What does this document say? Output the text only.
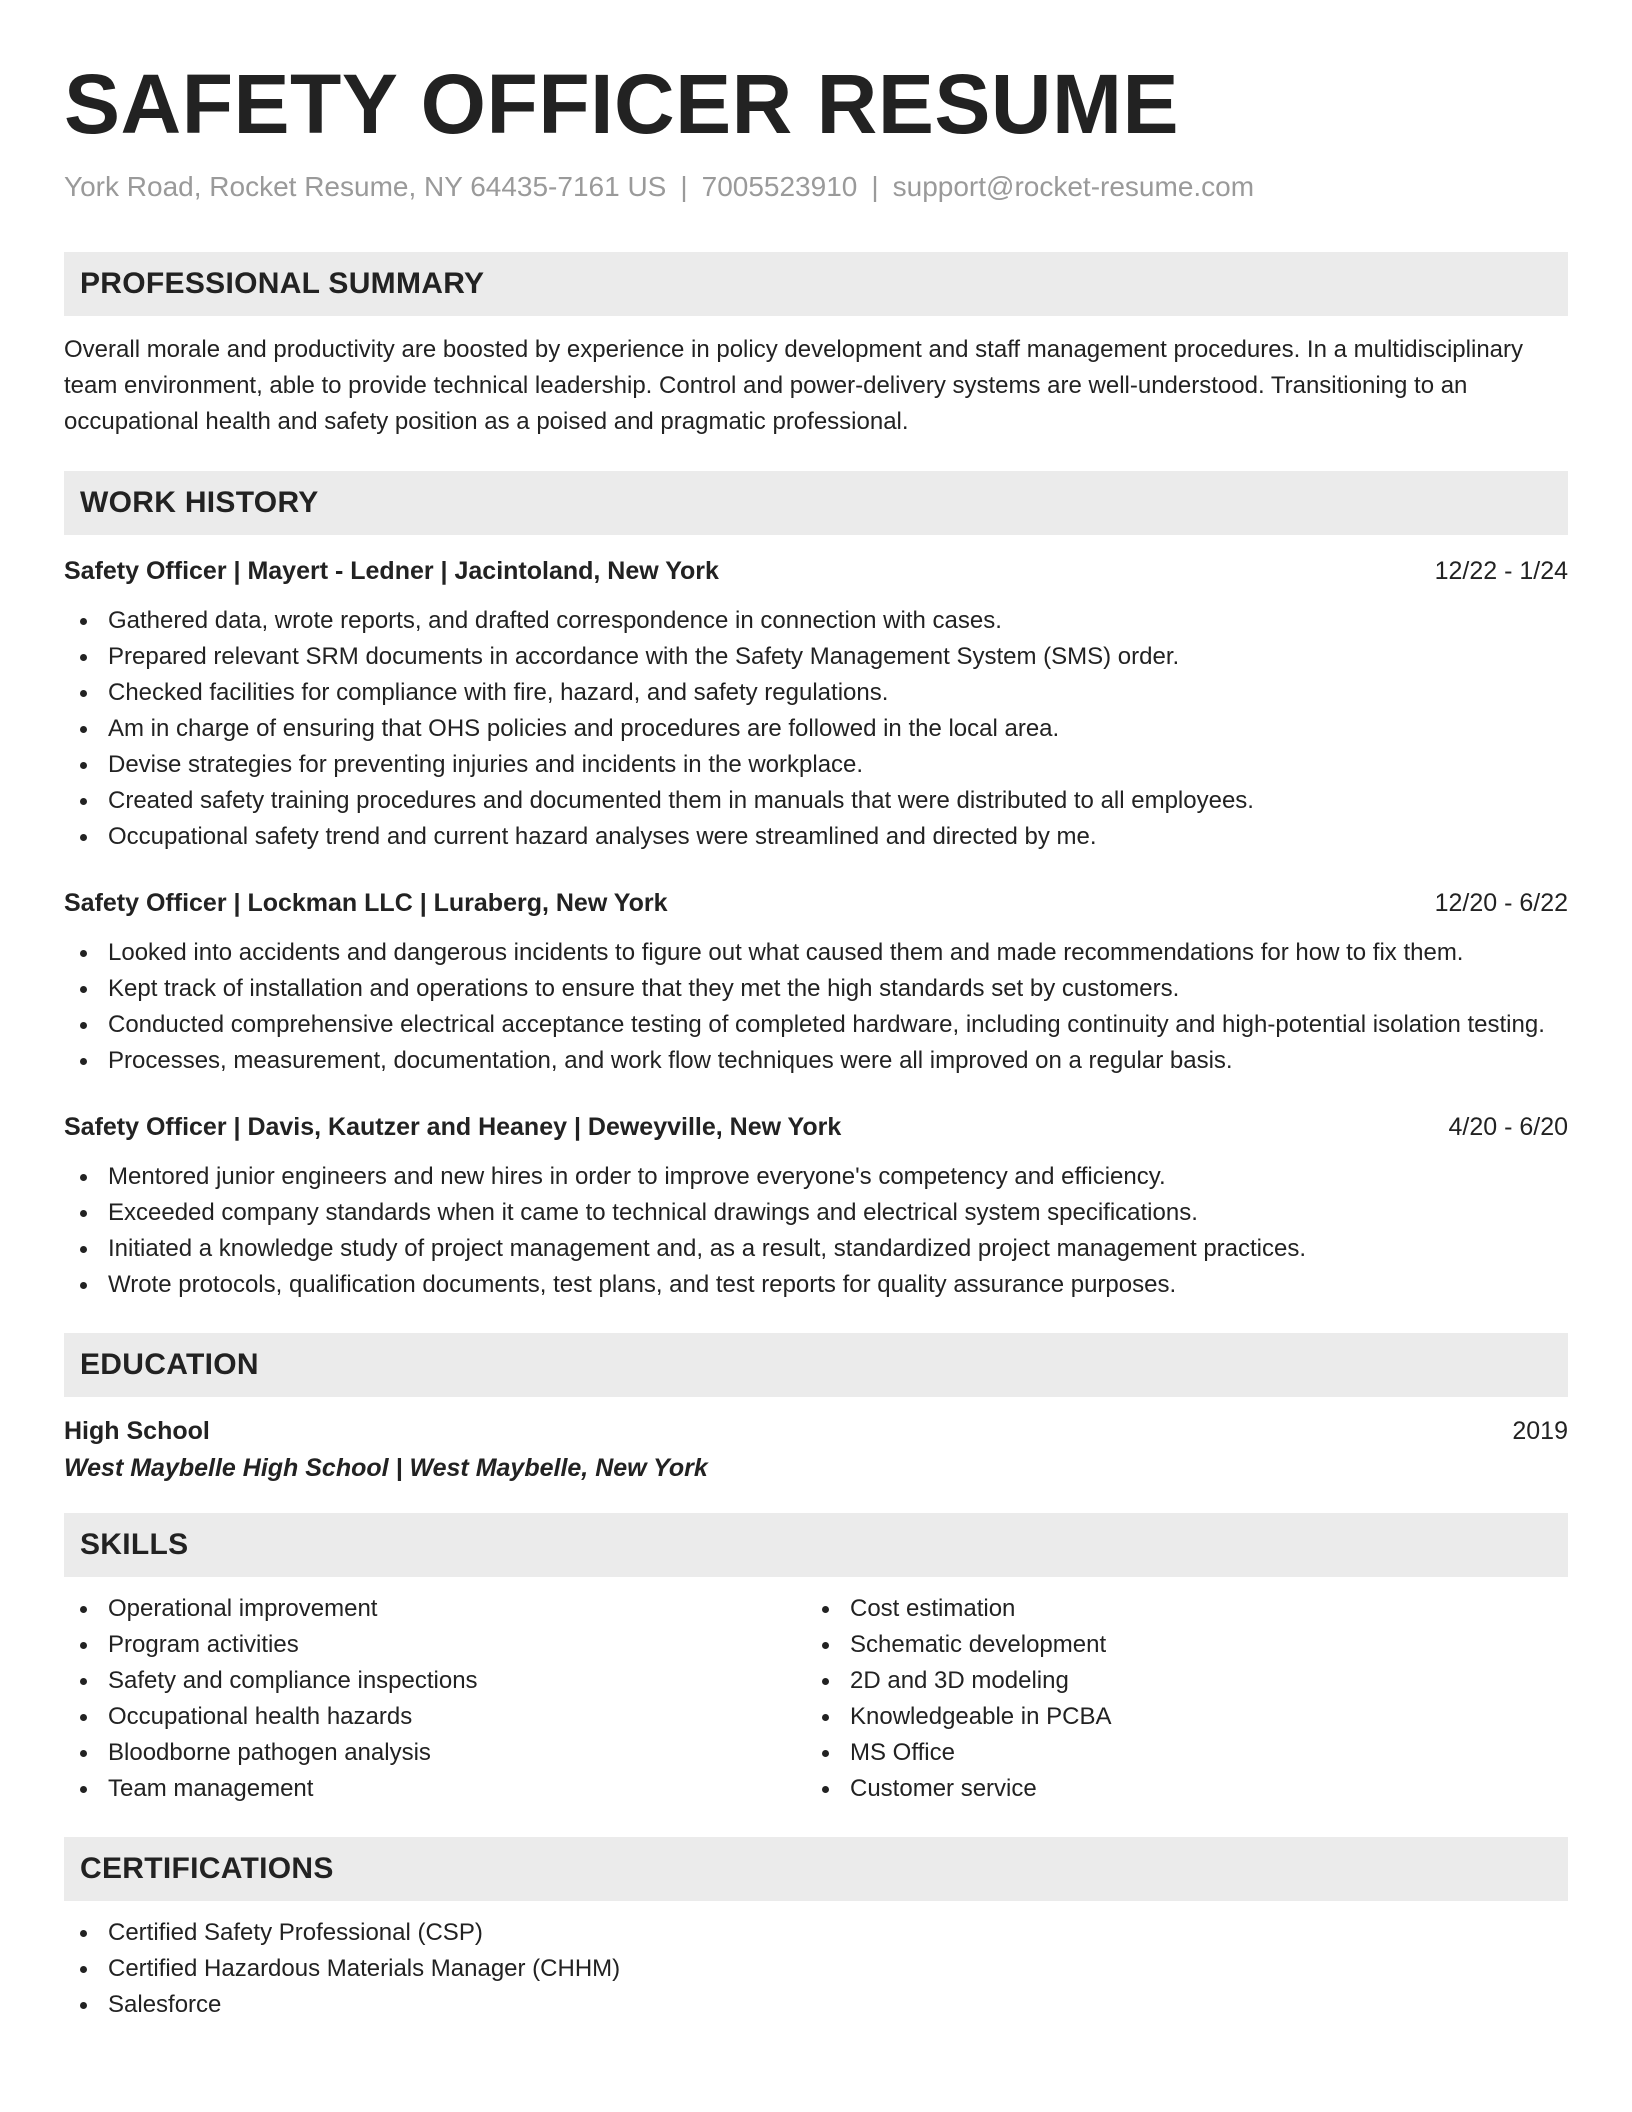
SAFETY OFFICER RESUME
York Road, Rocket Resume, NY 64435-7161 US | 7005523910 | support@rocket-resume.com
PROFESSIONAL SUMMARY
Overall morale and productivity are boosted by experience in policy development and staff management procedures. In a multidisciplinary team environment, able to provide technical leadership. Control and power-delivery systems are well-understood. Transitioning to an occupational health and safety position as a poised and pragmatic professional.
WORK HISTORY
Safety Officer | Mayert - Ledner | Jacintoland, New York	12/22 - 1/24
Gathered data, wrote reports, and drafted correspondence in connection with cases.
Prepared relevant SRM documents in accordance with the Safety Management System (SMS) order.
Checked facilities for compliance with fire, hazard, and safety regulations.
Am in charge of ensuring that OHS policies and procedures are followed in the local area.
Devise strategies for preventing injuries and incidents in the workplace.
Created safety training procedures and documented them in manuals that were distributed to all employees.
Occupational safety trend and current hazard analyses were streamlined and directed by me.
Safety Officer | Lockman LLC | Luraberg, New York	12/20 - 6/22
Looked into accidents and dangerous incidents to figure out what caused them and made recommendations for how to fix them.
Kept track of installation and operations to ensure that they met the high standards set by customers.
Conducted comprehensive electrical acceptance testing of completed hardware, including continuity and high-potential isolation testing.
Processes, measurement, documentation, and work flow techniques were all improved on a regular basis.
Safety Officer | Davis, Kautzer and Heaney | Deweyville, New York	4/20 - 6/20
Mentored junior engineers and new hires in order to improve everyone's competency and efficiency.
Exceeded company standards when it came to technical drawings and electrical system specifications.
Initiated a knowledge study of project management and, as a result, standardized project management practices.
Wrote protocols, qualification documents, test plans, and test reports for quality assurance purposes.
EDUCATION
High School	2019
West Maybelle High School | West Maybelle, New York
SKILLS
Operational improvement
Program activities
Safety and compliance inspections
Occupational health hazards
Bloodborne pathogen analysis
Team management
Cost estimation
Schematic development
2D and 3D modeling
Knowledgeable in PCBA
MS Office
Customer service
CERTIFICATIONS
Certified Safety Professional (CSP)
Certified Hazardous Materials Manager (CHHM)
Salesforce
